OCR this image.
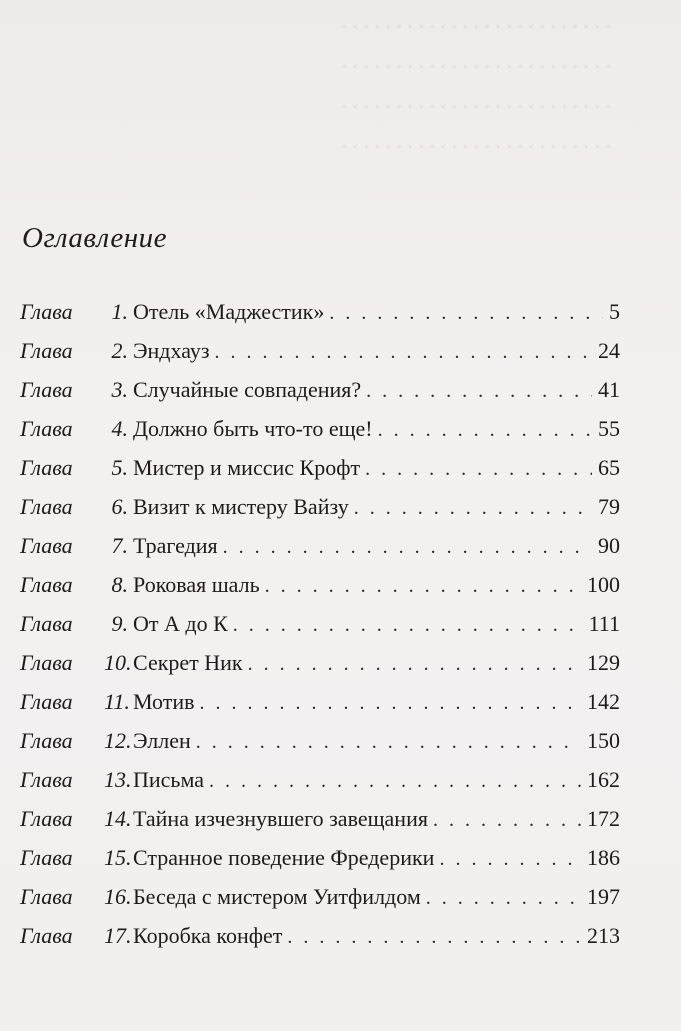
. . . . . . . . . . . . . . . . . . . . . . . . .
. . . . . . . . . . . . . . . . . . . . . . . . .
. . . . . . . . . . . . . . . . . . . . . . . . .
. . . . . . . . . . . . . . . . . . . . . . . . .
Оглавление
Глава	1. Отель «Маджестик» . . .	5
Глава	2. Эндхауз . . .	24
Глава	3. Случайные совпадения? . . .	41
Глава	4. Должно быть что-то еще! . . .	55
Глава	5. Мистер и миссис Крофт . . .	65
Глава	6. Визит к мистеру Вайзу . . .	79
Глава	7. Трагедия . . .	90
Глава	8. Роковая шаль . . .	100
Глава	9. От А до К . . .	111
Глава	10. Секрет Ник . . .	129
Глава	11. Мотив . . .	142
Глава	12. Эллен . . .	150
Глава	13. Письма . . .	162
Глава	14. Тайна изчезнувшего завещания . . .	172
Глава	15. Странное поведение Фредерики . . .	186
Глава	16. Беседа с мистером Уитфилдом . . .	197
Глава	17. Коробка конфет . . .	213
